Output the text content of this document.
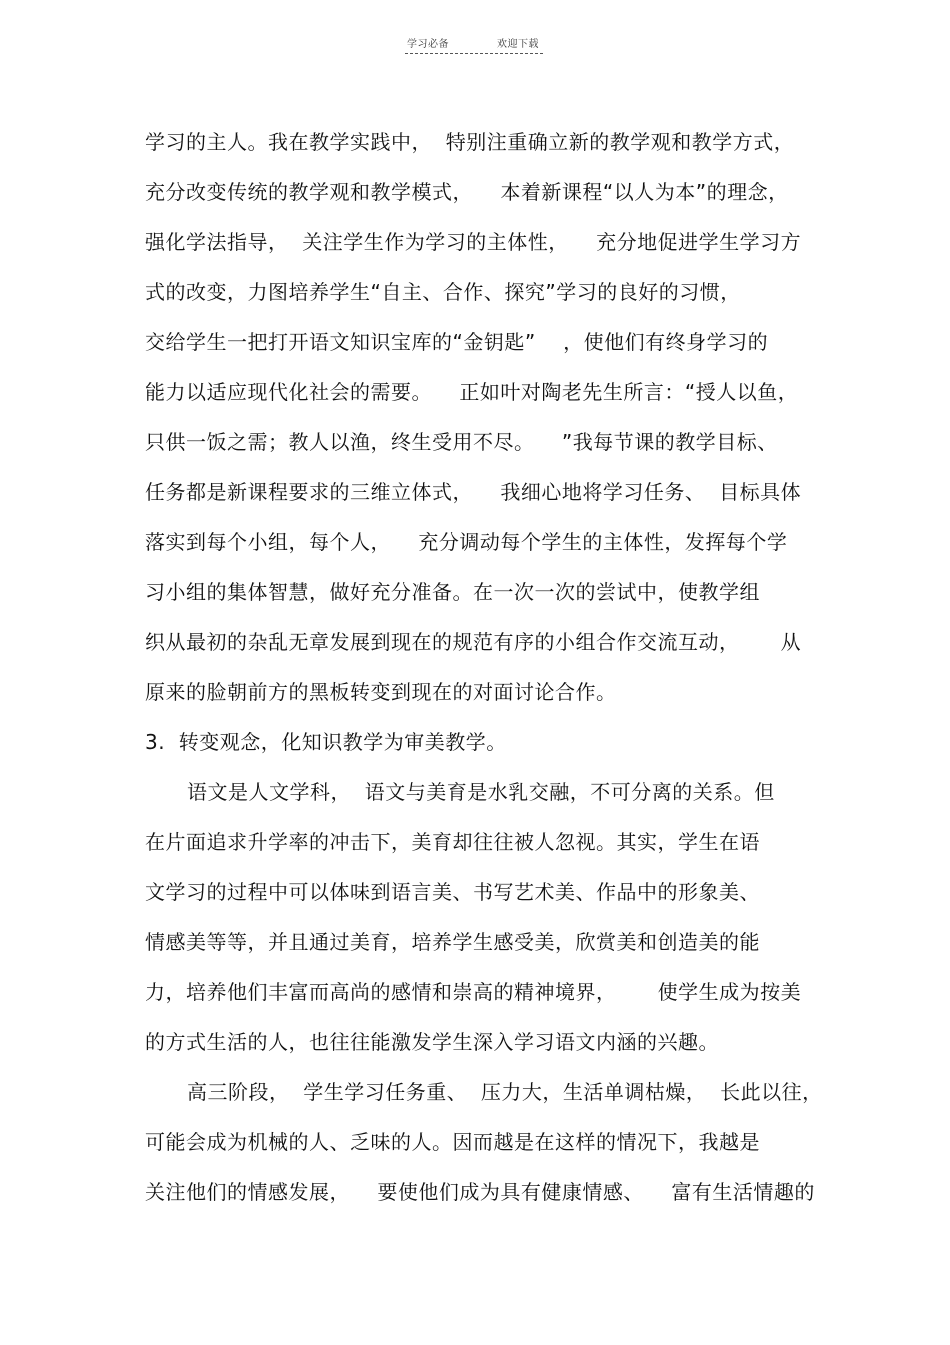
学习必备	欢迎下载
学习的主人。我在教学实践中，  特别注重确立新的教学观和教学方式，
充分改变传统的教学观和教学模式，    本着新课程“以人为本”的理念，
强化学法指导，  关注学生作为学习的主体性，    充分地促进学生学习方
式的改变，力图培养学生“自主、合作、探究”学习的良好的习惯，
交给学生一把打开语文知识宝库的“金钥匙”    ，使他们有终身学习的
能力以适应现代化社会的需要。    正如叶对陶老先生所言：“授人以鱼，
只供一饭之需；教人以渔，终生受用不尽。    ”我每节课的教学目标、
任务都是新课程要求的三维立体式，    我细心地将学习任务、  目标具体
落实到每个小组，每个人，    充分调动每个学生的主体性，发挥每个学
习小组的集体智慧，做好充分准备。在一次一次的尝试中，使教学组
织从最初的杂乱无章发展到现在的规范有序的小组合作交流互动，      从
原来的脸朝前方的黑板转变到现在的对面讨论合作。
3.  转变观念，化知识教学为审美教学。
语文是人文学科，  语文与美育是水乳交融，不可分离的关系。但
在片面追求升学率的冲击下，美育却往往被人忽视。其实，学生在语
文学习的过程中可以体味到语言美、书写艺术美、作品中的形象美、
情感美等等，并且通过美育，培养学生感受美，欣赏美和创造美的能
力，培养他们丰富而高尚的感情和崇高的精神境界，      使学生成为按美
的方式生活的人，也往往能激发学生深入学习语文内涵的兴趣。
高三阶段，  学生学习任务重、  压力大，生活单调枯燥，  长此以往，
可能会成为机械的人、乏味的人。因而越是在这样的情况下，我越是
关注他们的情感发展，    要使他们成为具有健康情感、    富有生活情趣的
